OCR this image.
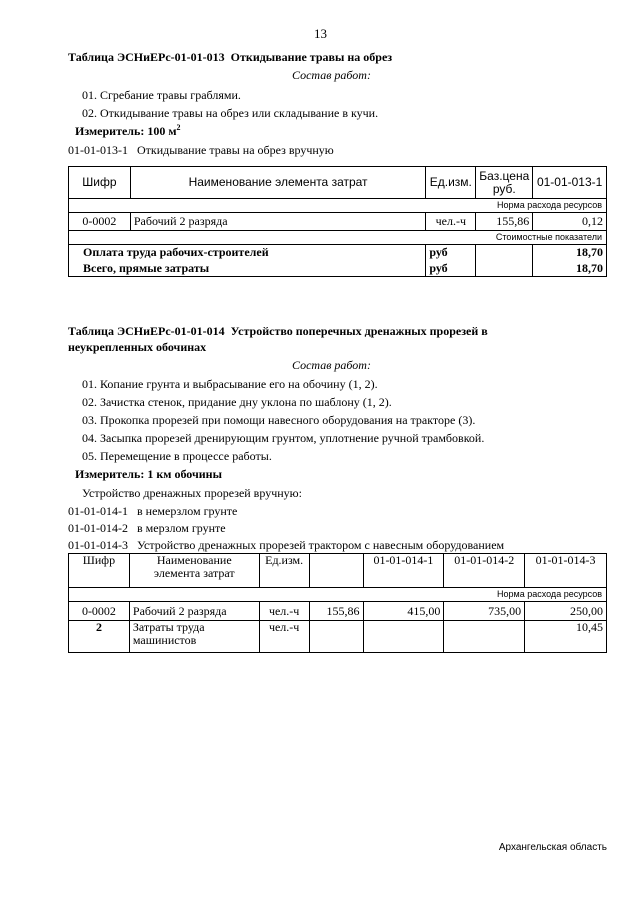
13
Таблица ЭСНиЕРс-01-01-013 Откидывание травы на обрез
Состав работ:
01. Сгребание травы граблями.
02. Откидывание травы на обрез или складывание в кучи.
Измеритель: 100 $м^2$
01-01-013-1 Откидывание травы на обрез вручную
Шифр	Наименование элемента затрат	Ед.изм.	Баз.цена руб.	01-01-013-1
Норма расхода ресурсов				
0-0002	Рабочий 2 разряда	чел.-ч	155,86	0,12
Стоимостные показатели				
Оплата труда рабочих-строителей		руб		18,70
Всего, прямые затраты		руб		18,70
Таблица ЭСНиЕРс-01-01-014 Устройство поперечных дренажных прорезей в
неукрепленных обочинах
Состав работ:
01. Копание грунта и выбрасывание его на обочину (1, 2).
02. Зачистка стенок, придание дну уклона по шаблону (1, 2).
03. Прокопка прорезей при помощи навесного оборудования на тракторе (3).
04. Засыпка прорезей дренирующим грунтом, уплотнение ручной трамбовкой.
05. Перемещение в процессе работы.
Измеритель: 1 км обочины
Устройство дренажных прорезей вручную:
01-01-014-1 в немерзлом грунте
01-01-014-2 в мерзлом грунте
01-01-014-3 Устройство дренажных прорезей трактором с навесным оборудованием
Шифр	Наименование элемента затрат	Ед.изм.		01-01-014-1	01-01-014-2	01-01-014-3
Норма расхода ресурсов						
0-0002	Рабочий 2 разряда	чел.-ч	155,86	415,00	735,00	250,00
2	Затраты труда машинистов	чел.-ч				10,45
Архангельская область
